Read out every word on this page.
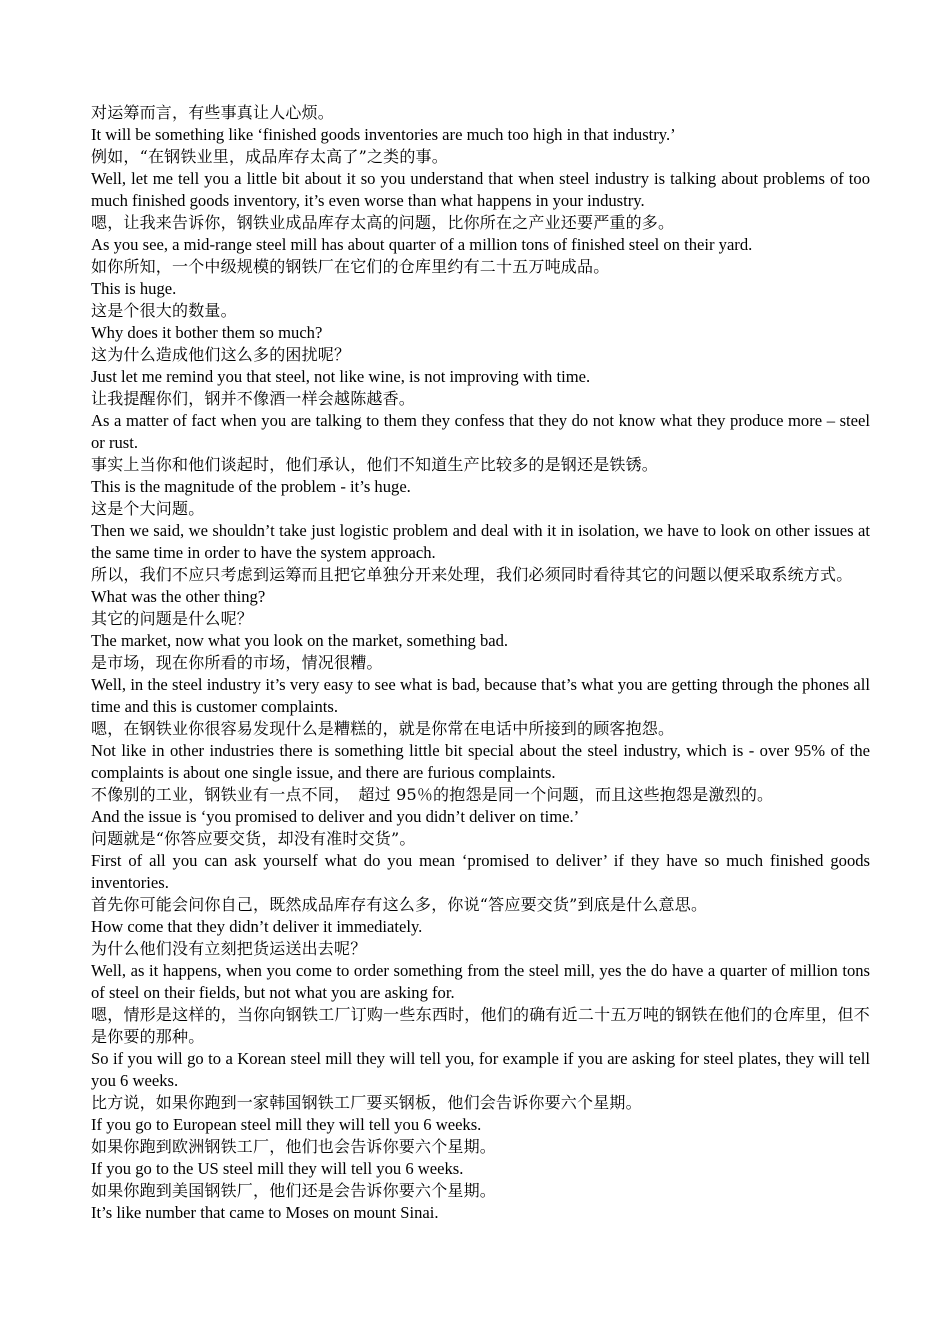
对运筹而言，有些事真让人心烦。

It will be something like ‘finished goods inventories are much too high in that industry.’

例如，“在钢铁业里，成品库存太高了”之类的事。

Well, let me tell you a little bit about it so you understand that when steel industry is talking about problems of too much finished goods inventory, it’s even worse than what happens in your industry.

嗯，让我来告诉你，钢铁业成品库存太高的问题，比你所在之产业还要严重的多。

As you see, a mid-range steel mill has about quarter of a million tons of finished steel on their yard.

如你所知，一个中级规模的钢铁厂在它们的仓库里约有二十五万吨成品。

This is huge.

这是个很大的数量。

Why does it bother them so much?

这为什么造成他们这么多的困扰呢？

Just let me remind you that steel, not like wine, is not improving with time.

让我提醒你们，钢并不像酒一样会越陈越香。

As a matter of fact when you are talking to them they confess that they do not know what they produce more – steel or rust.

事实上当你和他们谈起时，他们承认，他们不知道生产比较多的是钢还是铁锈。

This is the magnitude of the problem - it’s huge.

这是个大问题。

Then we said, we shouldn’t take just logistic problem and deal with it in isolation, we have to look on other issues at the same time in order to have the system approach.

所以，我们不应只考虑到运筹而且把它单独分开来处理，我们必须同时看待其它的问题以便采取系统方式。

What was the other thing?

其它的问题是什么呢？

The market, now what you look on the market, something bad.

是市场，现在你所看的市场，情况很糟。

Well, in the steel industry it’s very easy to see what is bad, because that’s what you are getting through the phones all time and this is customer complaints.

嗯，在钢铁业你很容易发现什么是糟糕的，就是你常在电话中所接到的顾客抱怨。

Not like in other industries there is something little bit special about the steel industry, which is - over 95% of the complaints is about one single issue, and there are furious complaints.

不像别的工业，钢铁业有一点不同，　超过 95％的抱怨是同一个问题，而且这些抱怨是激烈的。

And the issue is ‘you promised to deliver and you didn’t deliver on time.’

问题就是“你答应要交货，却没有准时交货”。

First of all you can ask yourself what do you mean ‘promised to deliver’ if they have so much finished goods inventories.

首先你可能会问你自己，既然成品库存有这么多，你说“答应要交货”到底是什么意思。

How come that they didn’t deliver it immediately.

为什么他们没有立刻把货运送出去呢？

Well, as it happens, when you come to order something from the steel mill, yes the do have a quarter of million tons of steel on their fields, but not what you are asking for.

嗯，情形是这样的，当你向钢铁工厂订购一些东西时，他们的确有近二十五万吨的钢铁在他们的仓库里，但不是你要的那种。

So if you will go to a Korean steel mill they will tell you, for example if you are asking for steel plates, they will tell you 6 weeks.

比方说，如果你跑到一家韩国钢铁工厂要买钢板，他们会告诉你要六个星期。

If you go to European steel mill they will tell you 6 weeks.

如果你跑到欧洲钢铁工厂，他们也会告诉你要六个星期。

If you go to the US steel mill they will tell you 6 weeks.

如果你跑到美国钢铁厂，他们还是会告诉你要六个星期。

It’s like number that came to Moses on mount Sinai.
